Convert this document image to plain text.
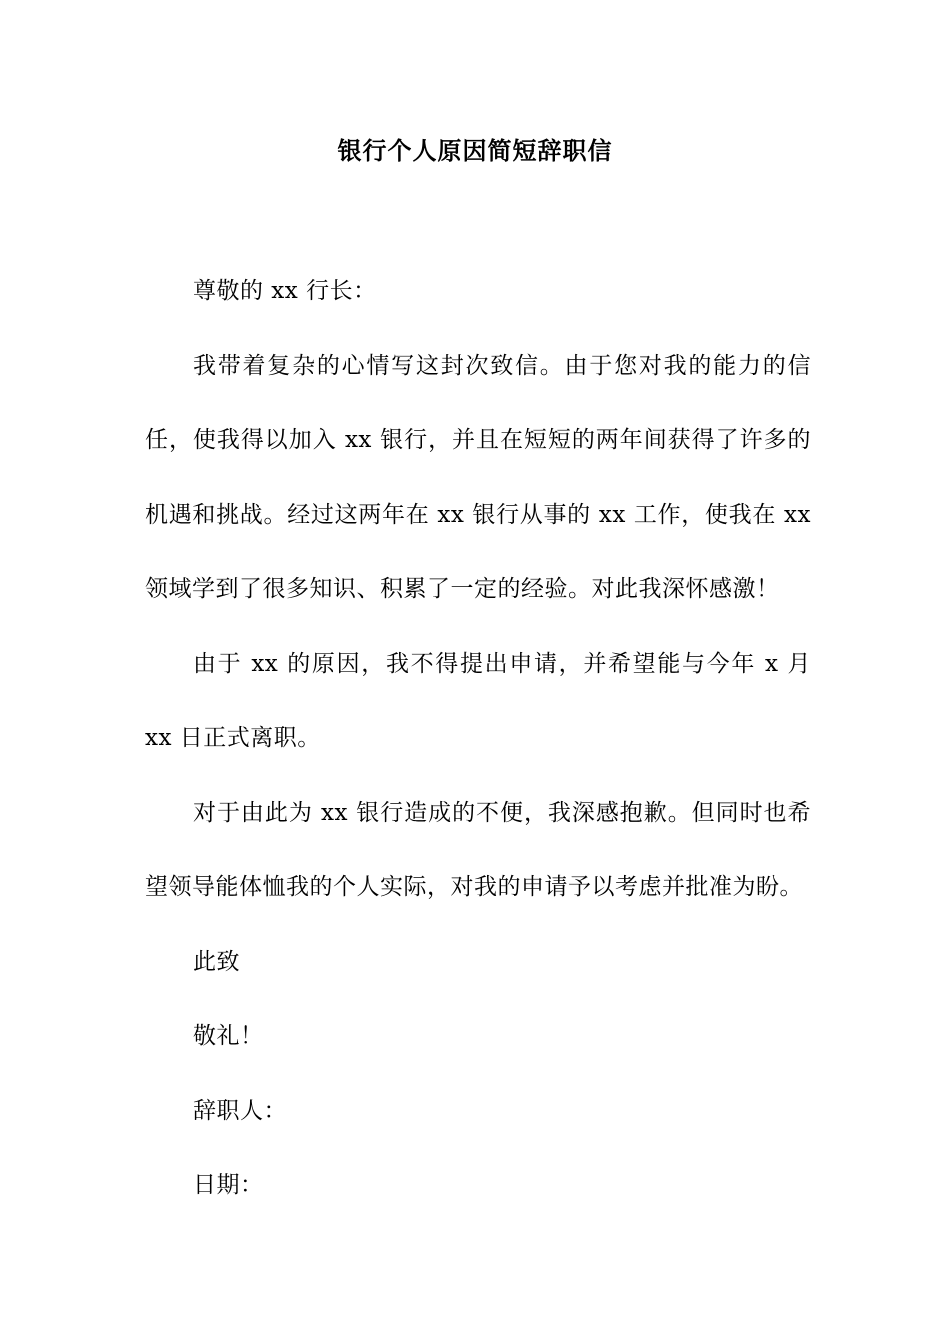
银行个人原因简短辞职信

尊敬的 xx 行长：

我带着复杂的心情写这封次致信。由于您对我的能力的信任，使我得以加入 xx 银行，并且在短短的两年间获得了许多的机遇和挑战。经过这两年在 xx 银行从事的 xx 工作，使我在 xx 领域学到了很多知识、积累了一定的经验。对此我深怀感激！

由于 xx 的原因，我不得提出申请，并希望能与今年 x 月 xx 日正式离职。

对于由此为 xx 银行造成的不便，我深感抱歉。但同时也希望领导能体恤我的个人实际，对我的申请予以考虑并批准为盼。

此致

敬礼！

辞职人：

日期：
